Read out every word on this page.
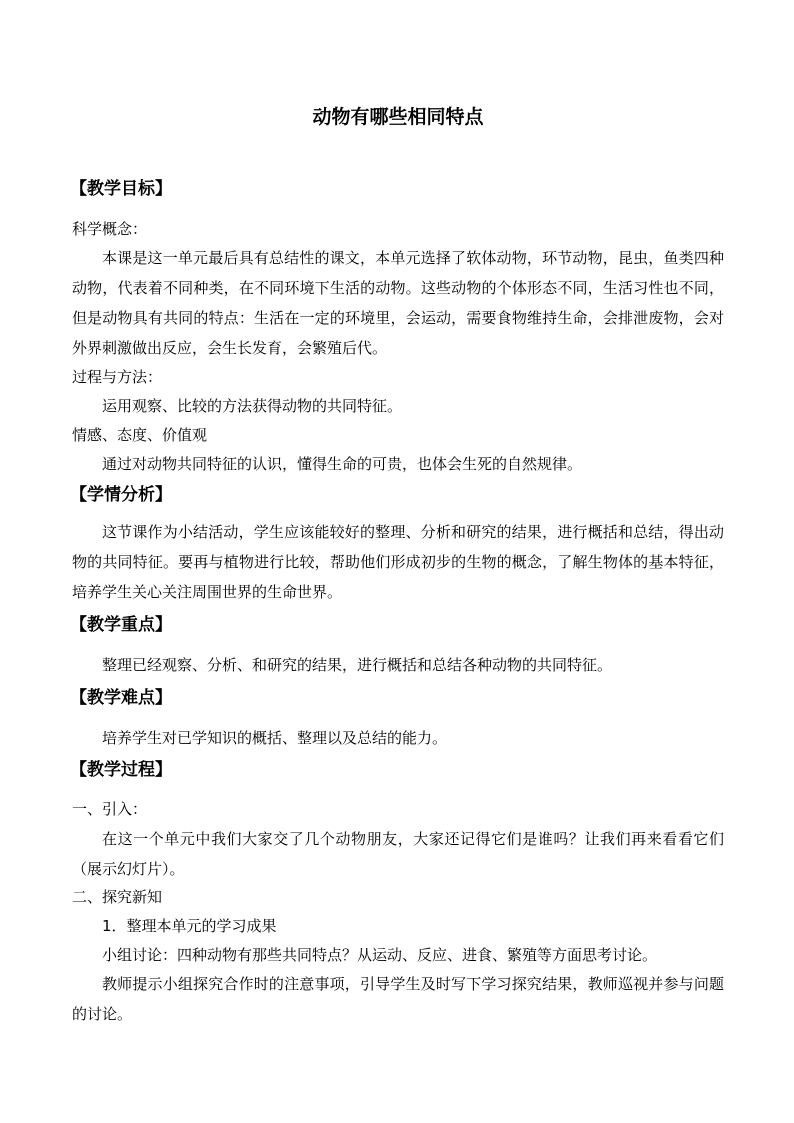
动物有哪些相同特点
【教学目标】
科学概念：
本课是这一单元最后具有总结性的课文，本单元选择了软体动物，环节动物，昆虫，鱼类四种动物，代表着不同种类，在不同环境下生活的动物。这些动物的个体形态不同，生活习性也不同，但是动物具有共同的特点：生活在一定的环境里，会运动，需要食物维持生命，会排泄废物，会对外界刺激做出反应，会生长发育，会繁殖后代。
过程与方法：
运用观察、比较的方法获得动物的共同特征。
情感、态度、价值观
通过对动物共同特征的认识，懂得生命的可贵，也体会生死的自然规律。
【学情分析】
这节课作为小结活动，学生应该能较好的整理、分析和研究的结果，进行概括和总结，得出动物的共同特征。要再与植物进行比较，帮助他们形成初步的生物的概念，了解生物体的基本特征，培养学生关心关注周围世界的生命世界。
【教学重点】
整理已经观察、分析、和研究的结果，进行概括和总结各种动物的共同特征。
【教学难点】
培养学生对已学知识的概括、整理以及总结的能力。
【教学过程】
一、引入：
在这一个单元中我们大家交了几个动物朋友，大家还记得它们是谁吗？让我们再来看看它们（展示幻灯片）。
二、探究新知
1．整理本单元的学习成果
小组讨论：四种动物有那些共同特点？从运动、反应、进食、繁殖等方面思考讨论。
教师提示小组探究合作时的注意事项，引导学生及时写下学习探究结果，教师巡视并参与问题的讨论。
